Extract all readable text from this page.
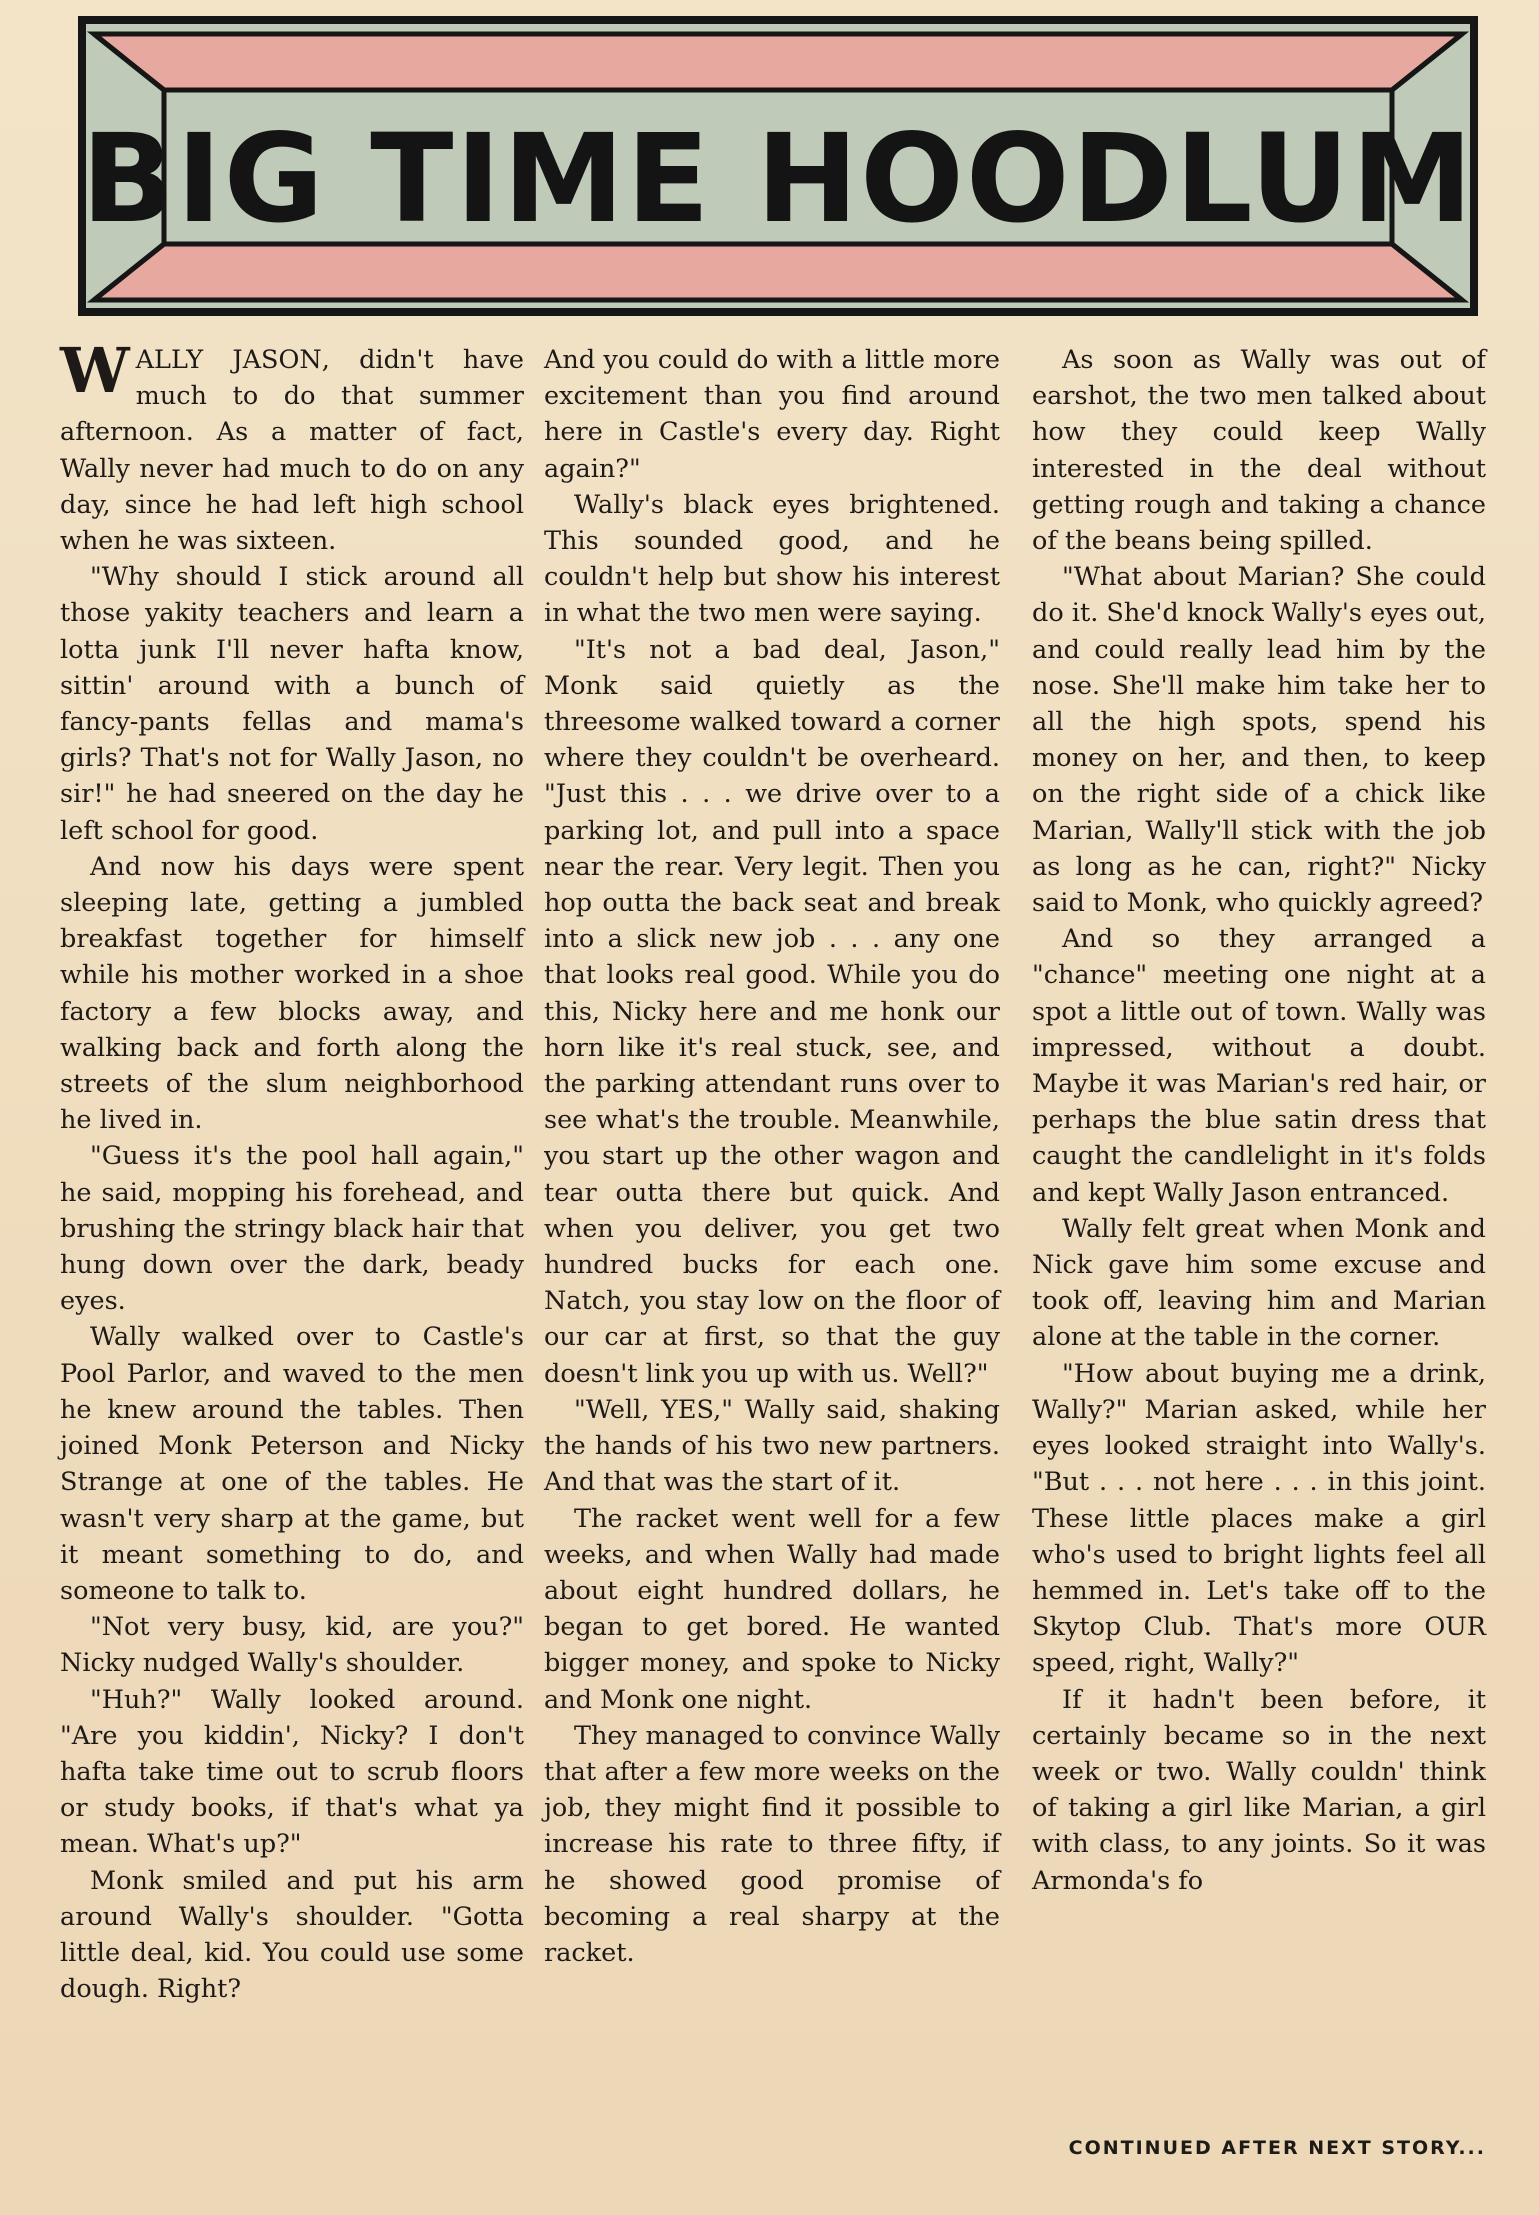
BIG TIME HOODLUM

WALLY JASON, didn't have much to do that summer afternoon. As a matter of fact, Wally never had much to do on any day, since he had left high school when he was sixteen.

"Why should I stick around all those yakity teachers and learn a lotta junk I'll never hafta know, sittin' around with a bunch of fancy-pants fellas and mama's girls? That's not for Wally Jason, no sir!" he had sneered on the day he left school for good.

And now his days were spent sleeping late, getting a jumbled breakfast together for himself while his mother worked in a shoe factory a few blocks away, and walking back and forth along the streets of the slum neighborhood he lived in.

"Guess it's the pool hall again," he said, mopping his forehead, and brushing the stringy black hair that hung down over the dark, beady eyes.

Wally walked over to Castle's Pool Parlor, and waved to the men he knew around the tables. Then joined Monk Peterson and Nicky Strange at one of the tables. He wasn't very sharp at the game, but it meant something to do, and someone to talk to.

"Not very busy, kid, are you?" Nicky nudged Wally's shoulder.

"Huh?" Wally looked around. "Are you kiddin', Nicky? I don't hafta take time out to scrub floors or study books, if that's what ya mean. What's up?"

Monk smiled and put his arm around Wally's shoulder. "Gotta little deal, kid. You could use some dough. Right?

And you could do with a little more excitement than you find around here in Castle's every day. Right again?"

Wally's black eyes brightened. This sounded good, and he couldn't help but show his interest in what the two men were saying.

"It's not a bad deal, Jason," Monk said quietly as the threesome walked toward a corner where they couldn't be overheard. "Just this . . . we drive over to a parking lot, and pull into a space near the rear. Very legit. Then you hop outta the back seat and break into a slick new job . . . any one that looks real good. While you do this, Nicky here and me honk our horn like it's real stuck, see, and the parking attendant runs over to see what's the trouble. Meanwhile, you start up the other wagon and tear outta there but quick. And when you deliver, you get two hundred bucks for each one. Natch, you stay low on the floor of our car at first, so that the guy doesn't link you up with us. Well?"

"Well, YES," Wally said, shaking the hands of his two new partners. And that was the start of it.

The racket went well for a few weeks, and when Wally had made about eight hundred dollars, he began to get bored. He wanted bigger money, and spoke to Nicky and Monk one night.

They managed to convince Wally that after a few more weeks on the job, they might find it possible to increase his rate to three fifty, if he showed good promise of becoming a real sharpy at the racket.

As soon as Wally was out of earshot, the two men talked about how they could keep Wally interested in the deal without getting rough and taking a chance of the beans being spilled.

"What about Marian? She could do it. She'd knock Wally's eyes out, and could really lead him by the nose. She'll make him take her to all the high spots, spend his money on her, and then, to keep on the right side of a chick like Marian, Wally'll stick with the job as long as he can, right?" Nicky said to Monk, who quickly agreed?

And so they arranged a "chance" meeting one night at a spot a little out of town. Wally was impressed, without a doubt. Maybe it was Marian's red hair, or perhaps the blue satin dress that caught the candlelight in it's folds and kept Wally Jason entranced.

Wally felt great when Monk and Nick gave him some excuse and took off, leaving him and Marian alone at the table in the corner.

"How about buying me a drink, Wally?" Marian asked, while her eyes looked straight into Wally's. "But . . . not here . . . in this joint. These little places make a girl who's used to bright lights feel all hemmed in. Let's take off to the Skytop Club. That's more OUR speed, right, Wally?"

If it hadn't been before, it certainly became so in the next week or two. Wally couldn' think of taking a girl like Marian, a girl with class, to any joints. So it was Armonda's fo

CONTINUED AFTER NEXT STORY...
